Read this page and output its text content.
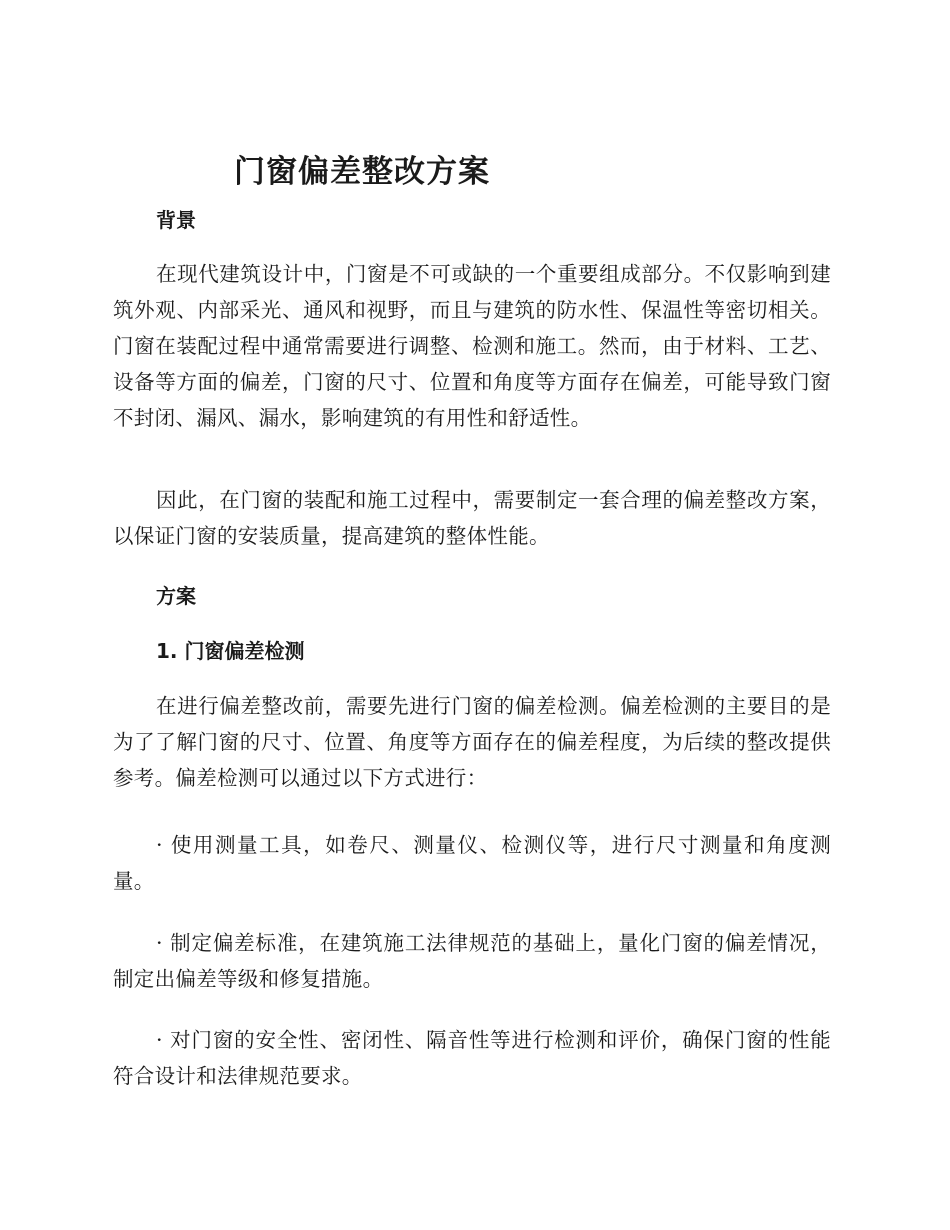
门窗偏差整改方案
背景

在现代建筑设计中，门窗是不可或缺的一个重要组成部分。不仅影响到建筑外观、内部采光、通风和视野，而且与建筑的防水性、保温性等密切相关。门窗在装配过程中通常需要进行调整、检测和施工。然而，由于材料、工艺、设备等方面的偏差，门窗的尺寸、位置和角度等方面存在偏差，可能导致门窗不封闭、漏风、漏水，影响建筑的有用性和舒适性。

因此，在门窗的装配和施工过程中，需要制定一套合理的偏差整改方案，以保证门窗的安装质量，提高建筑的整体性能。

方案
1. 门窗偏差检测

在进行偏差整改前，需要先进行门窗的偏差检测。偏差检测的主要目的是为了了解门窗的尺寸、位置、角度等方面存在的偏差程度，为后续的整改提供参考。偏差检测可以通过以下方式进行：

· 使用测量工具，如卷尺、测量仪、检测仪等，进行尺寸测量和角度测量。

· 制定偏差标准，在建筑施工法律规范的基础上，量化门窗的偏差情况，制定出偏差等级和修复措施。

· 对门窗的安全性、密闭性、隔音性等进行检测和评价，确保门窗的性能符合设计和法律规范要求。
